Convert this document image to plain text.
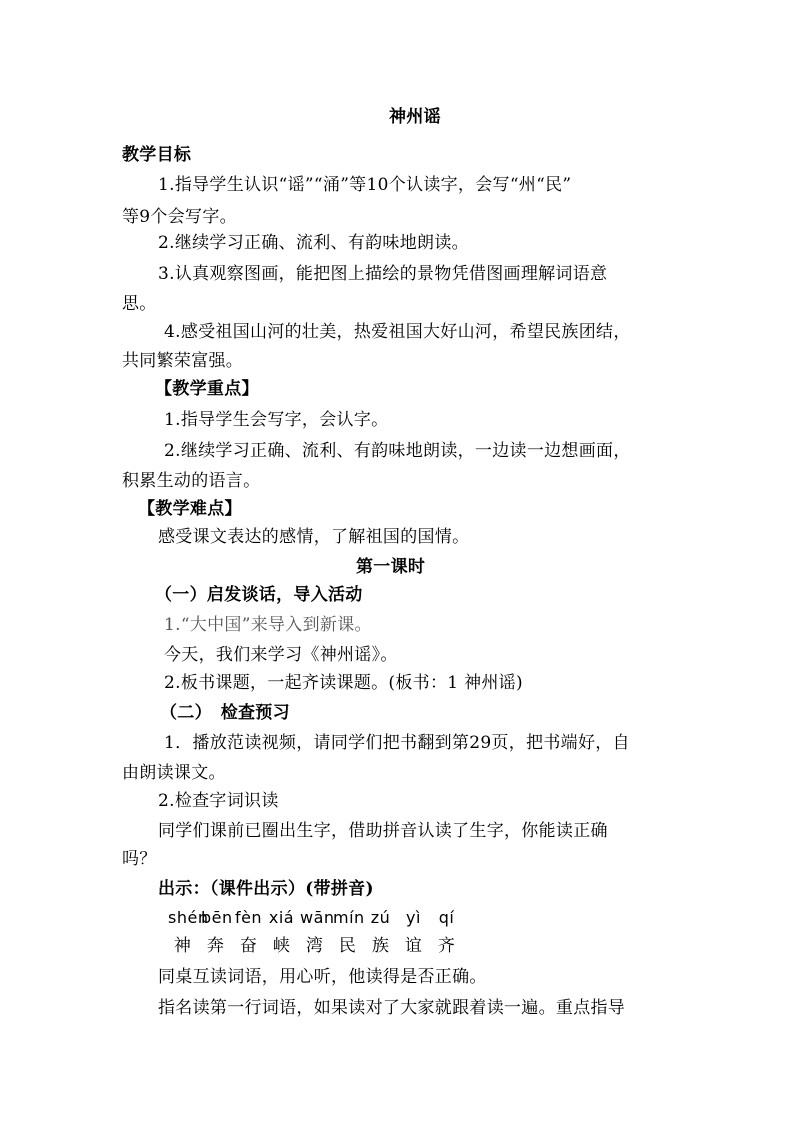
神州谣
教学目标
1.指导学生认识“谣”“涌”等10个认读字，会写“州“民”
等9个会写字。
2.继续学习正确、流利、有韵味地朗读。
3.认真观察图画，能把图上描绘的景物凭借图画理解词语意
思。
4.感受祖国山河的壮美，热爱祖国大好山河，希望民族团结，
共同繁荣富强。
【教学重点】
1.指导学生会写字，会认字。
2.继续学习正确、流利、有韵味地朗读，一边读一边想画面，
积累生动的语言。
【教学难点】
感受课文表达的感情，了解祖国的国情。
第一课时
（一）启发谈话，导入活动
1.“大中国”来导入到新课。
今天，我们来学习《神州谣》。
2.板书课题，一起齐读课题。(板书：1 神州谣)
（二）　检查预习
1．播放范读视频，请同学们把书翻到第29页，把书端好，自
由朗读课文。
2.检查字词识读
同学们课前已圈出生字，借助拼音认读了生字，你能读正确
吗？
出示：（课件出示）(带拼音)
shénbēn fèn xiá wānmín zú yì qí
神 奔 奋 峡 湾 民 族 谊 齐
同桌互读词语，用心听，他读得是否正确。
指名读第一行词语，如果读对了大家就跟着读一遍。重点指导
